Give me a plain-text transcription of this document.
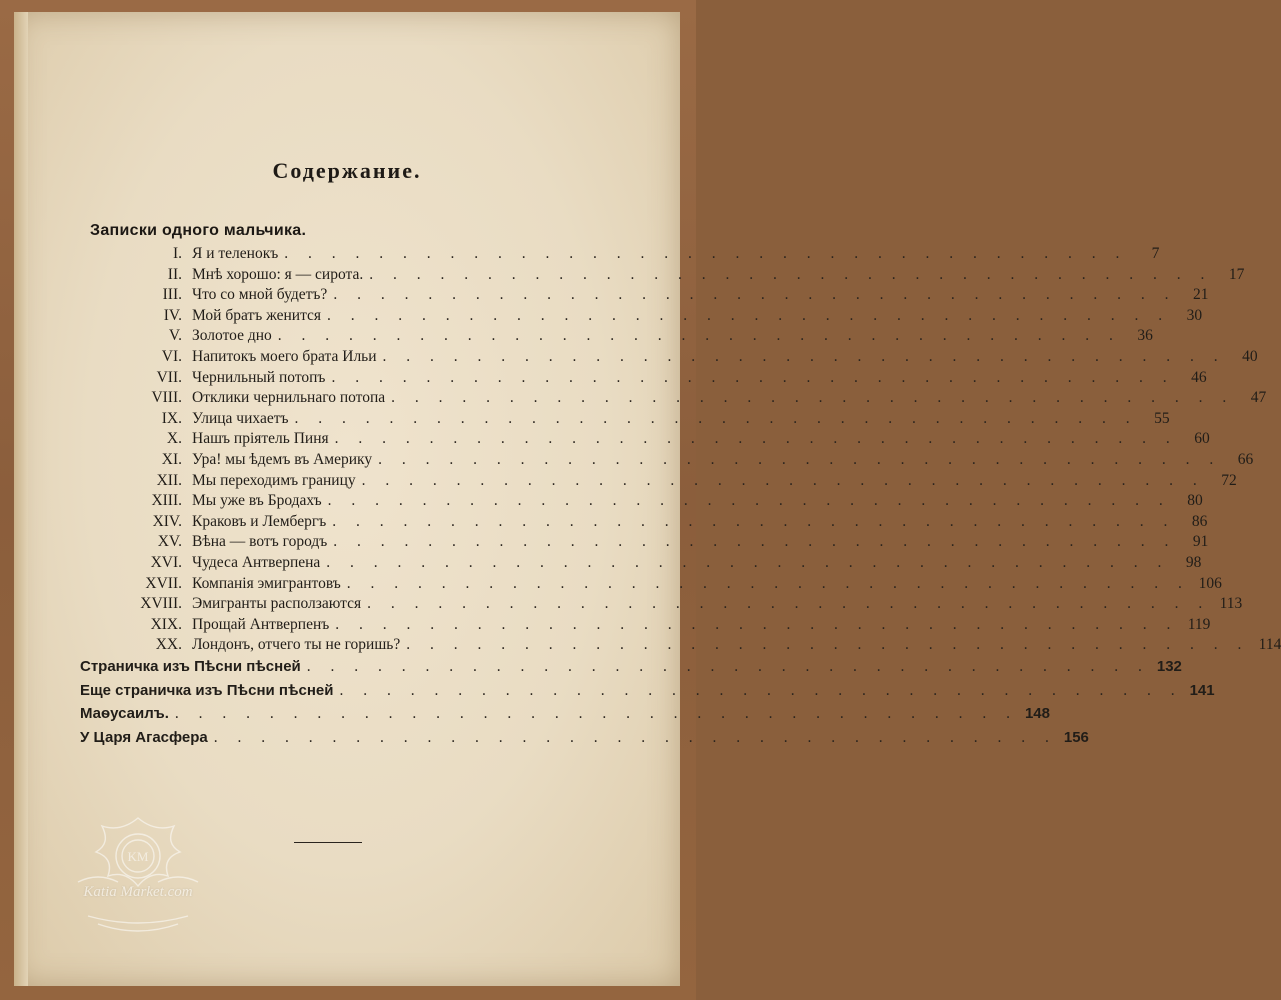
Содержание.
Записки одного мальчика.
I. Я и теленокъ . . . . . . . . . . . . . . . . . . . . . . . . . . . . . . . . . . . .	7
II. Мнѣ хорошо: я — сирота. . . . . . . . . . . . . . . . . . . . . . . . . . . . . . . . . . . . .	17
III. Что со мной будетъ? . . . . . . . . . . . . . . . . . . . . . . . . . . . . . . . . . . . .	21
IV. Мой братъ женится . . . . . . . . . . . . . . . . . . . . . . . . . . . . . . . . . . . .	30
V. Золотое дно . . . . . . . . . . . . . . . . . . . . . . . . . . . . . . . . . . . .	36
VI. Напитокъ моего брата Ильи . . . . . . . . . . . . . . . . . . . . . . . . . . . . . . . . . . . .	40
VII. Чернильный потопъ . . . . . . . . . . . . . . . . . . . . . . . . . . . . . . . . . . . .	46
VIII. Отклики чернильнаго потопа . . . . . . . . . . . . . . . . . . . . . . . . . . . . . . . . . . . .	47
IX. Улица чихаетъ . . . . . . . . . . . . . . . . . . . . . . . . . . . . . . . . . . . .	55
X. Нашъ прiятель Пиня . . . . . . . . . . . . . . . . . . . . . . . . . . . . . . . . . . . .	60
XI. Ура! мы ѣдемъ въ Америку . . . . . . . . . . . . . . . . . . . . . . . . . . . . . . . . . . . .	66
XII. Мы переходимъ границу . . . . . . . . . . . . . . . . . . . . . . . . . . . . . . . . . . . .	72
XIII. Мы уже въ Бродахъ . . . . . . . . . . . . . . . . . . . . . . . . . . . . . . . . . . . .	80
XIV. Краковъ и Лембергъ . . . . . . . . . . . . . . . . . . . . . . . . . . . . . . . . . . . .	86
XV. Вѣна — вотъ городъ . . . . . . . . . . . . . . . . . . . . . . . . . . . . . . . . . . . .	91
XVI. Чудеса Антверпена . . . . . . . . . . . . . . . . . . . . . . . . . . . . . . . . . . . .	98
XVII. Компанiя эмигрантовъ . . . . . . . . . . . . . . . . . . . . . . . . . . . . . . . . . . . . 106
XVIII. Эмигранты расползаются . . . . . . . . . . . . . . . . . . . . . . . . . . . . . . . . . . . . 113
XIX. Прощай Антверпенъ . . . . . . . . . . . . . . . . . . . . . . . . . . . . . . . . . . . . 119
XX. Лондонъ, отчего ты не горишь? . . . . . . . . . . . . . . . . . . . . . . . . . . . . . . . . . . . . 114
Страничка изъ Пѣсни пѣсней . . . . . . . . . . . . . . . . . . . . . . . . . . . . . . . . . . . . 132
Еще страничка изъ Пѣсни пѣсней . . . . . . . . . . . . . . . . . . . . . . . . . . . . . . . . . . . . 141
Маѳусаилъ. . . . . . . . . . . . . . . . . . . . . . . . . . . . . . . . . . . . . 148
У Царя Агасфера . . . . . . . . . . . . . . . . . . . . . . . . . . . . . . . . . . . . 156
KM
Katia Market.com
